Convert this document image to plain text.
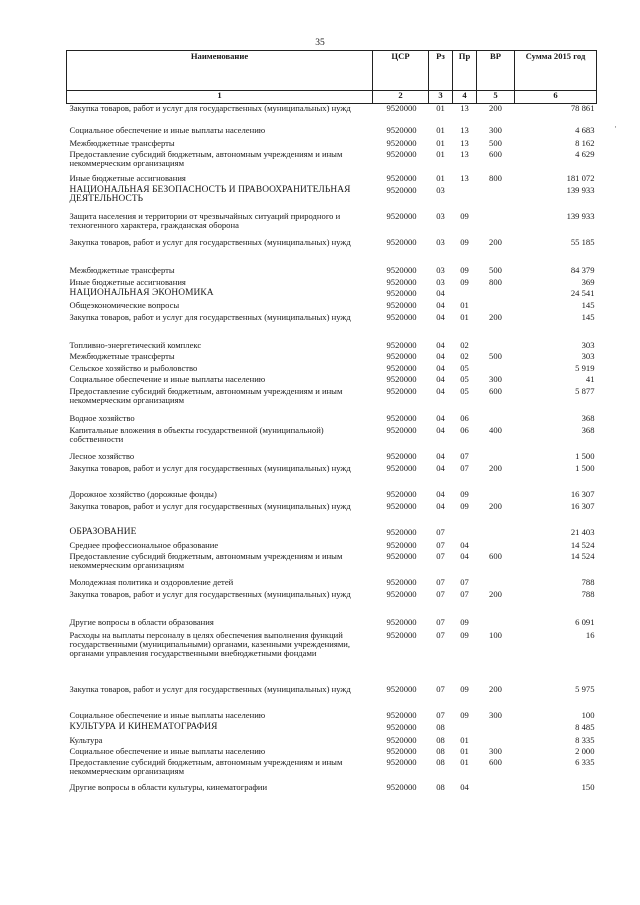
35
·
Наименование	ЦСР	Рз	Пр	ВР	Сумма 2015 год
1	2	3	4	5	6
Закупка товаров, работ и услуг для государственных (муниципальных) нужд	9520000	01	13	200	78 861
Социальное обеспечение и иные выплаты населению	9520000	01	13	300	4 683
Межбюджетные трансферты	9520000	01	13	500	8 162
Предоставление субсидий бюджетным, автономным учреждениям и иным некоммерческим организациям	9520000	01	13	600	4 629
Иные бюджетные ассигнования	9520000	01	13	800	181 072
НАЦИОНАЛЬНАЯ БЕЗОПАСНОСТЬ И ПРАВООХРАНИТЕЛЬНАЯ ДЕЯТЕЛЬНОСТЬ	9520000	03			139 933
Защита населения и территории от чрезвычайных ситуаций природного и техногенного характера, гражданская оборона	9520000	03	09		139 933
Закупка товаров, работ и услуг для государственных (муниципальных) нужд	9520000	03	09	200	55 185
Межбюджетные трансферты	9520000	03	09	500	84 379
Иные бюджетные ассигнования	9520000	03	09	800	369
НАЦИОНАЛЬНАЯ ЭКОНОМИКА	9520000	04			24 541
Общеэкономические вопросы	9520000	04	01		145
Закупка товаров, работ и услуг для государственных (муниципальных) нужд	9520000	04	01	200	145
Топливно-энергетический комплекс	9520000	04	02		303
Межбюджетные трансферты	9520000	04	02	500	303
Сельское хозяйство и рыболовство	9520000	04	05		5 919
Социальное обеспечение и иные выплаты населению	9520000	04	05	300	41
Предоставление субсидий бюджетным, автономным учреждениям и иным некоммерческим организациям	9520000	04	05	600	5 877
Водное хозяйство	9520000	04	06		368
Капитальные вложения в объекты государственной (муниципальной) собственности	9520000	04	06	400	368
Лесное хозяйство	9520000	04	07		1 500
Закупка товаров, работ и услуг для государственных (муниципальных) нужд	9520000	04	07	200	1 500
Дорожное хозяйство (дорожные фонды)	9520000	04	09		16 307
Закупка товаров, работ и услуг для государственных (муниципальных) нужд	9520000	04	09	200	16 307
ОБРАЗОВАНИЕ	9520000	07			21 403
Среднее профессиональное образование	9520000	07	04		14 524
Предоставление субсидий бюджетным, автономным учреждениям и иным некоммерческим организациям	9520000	07	04	600	14 524
Молодежная политика и оздоровление детей	9520000	07	07		788
Закупка товаров, работ и услуг для государственных (муниципальных) нужд	9520000	07	07	200	788
Другие вопросы в области образования	9520000	07	09		6 091
Расходы на выплаты персоналу в целях обеспечения выполнения функций государственными (муниципальными) органами, казенными учреждениями, органами управления государственными внебюджетными фондами	9520000	07	09	100	16
Закупка товаров, работ и услуг для государственных (муниципальных) нужд	9520000	07	09	200	5 975
Социальное обеспечение и иные выплаты населению	9520000	07	09	300	100
КУЛЬТУРА И КИНЕМАТОГРАФИЯ	9520000	08			8 485
Культура	9520000	08	01		8 335
Социальное обеспечение и иные выплаты населению	9520000	08	01	300	2 000
Предоставление субсидий бюджетным, автономным учреждениям и иным некоммерческим организациям	9520000	08	01	600	6 335
Другие вопросы в области культуры, кинематографии	9520000	08	04		150
